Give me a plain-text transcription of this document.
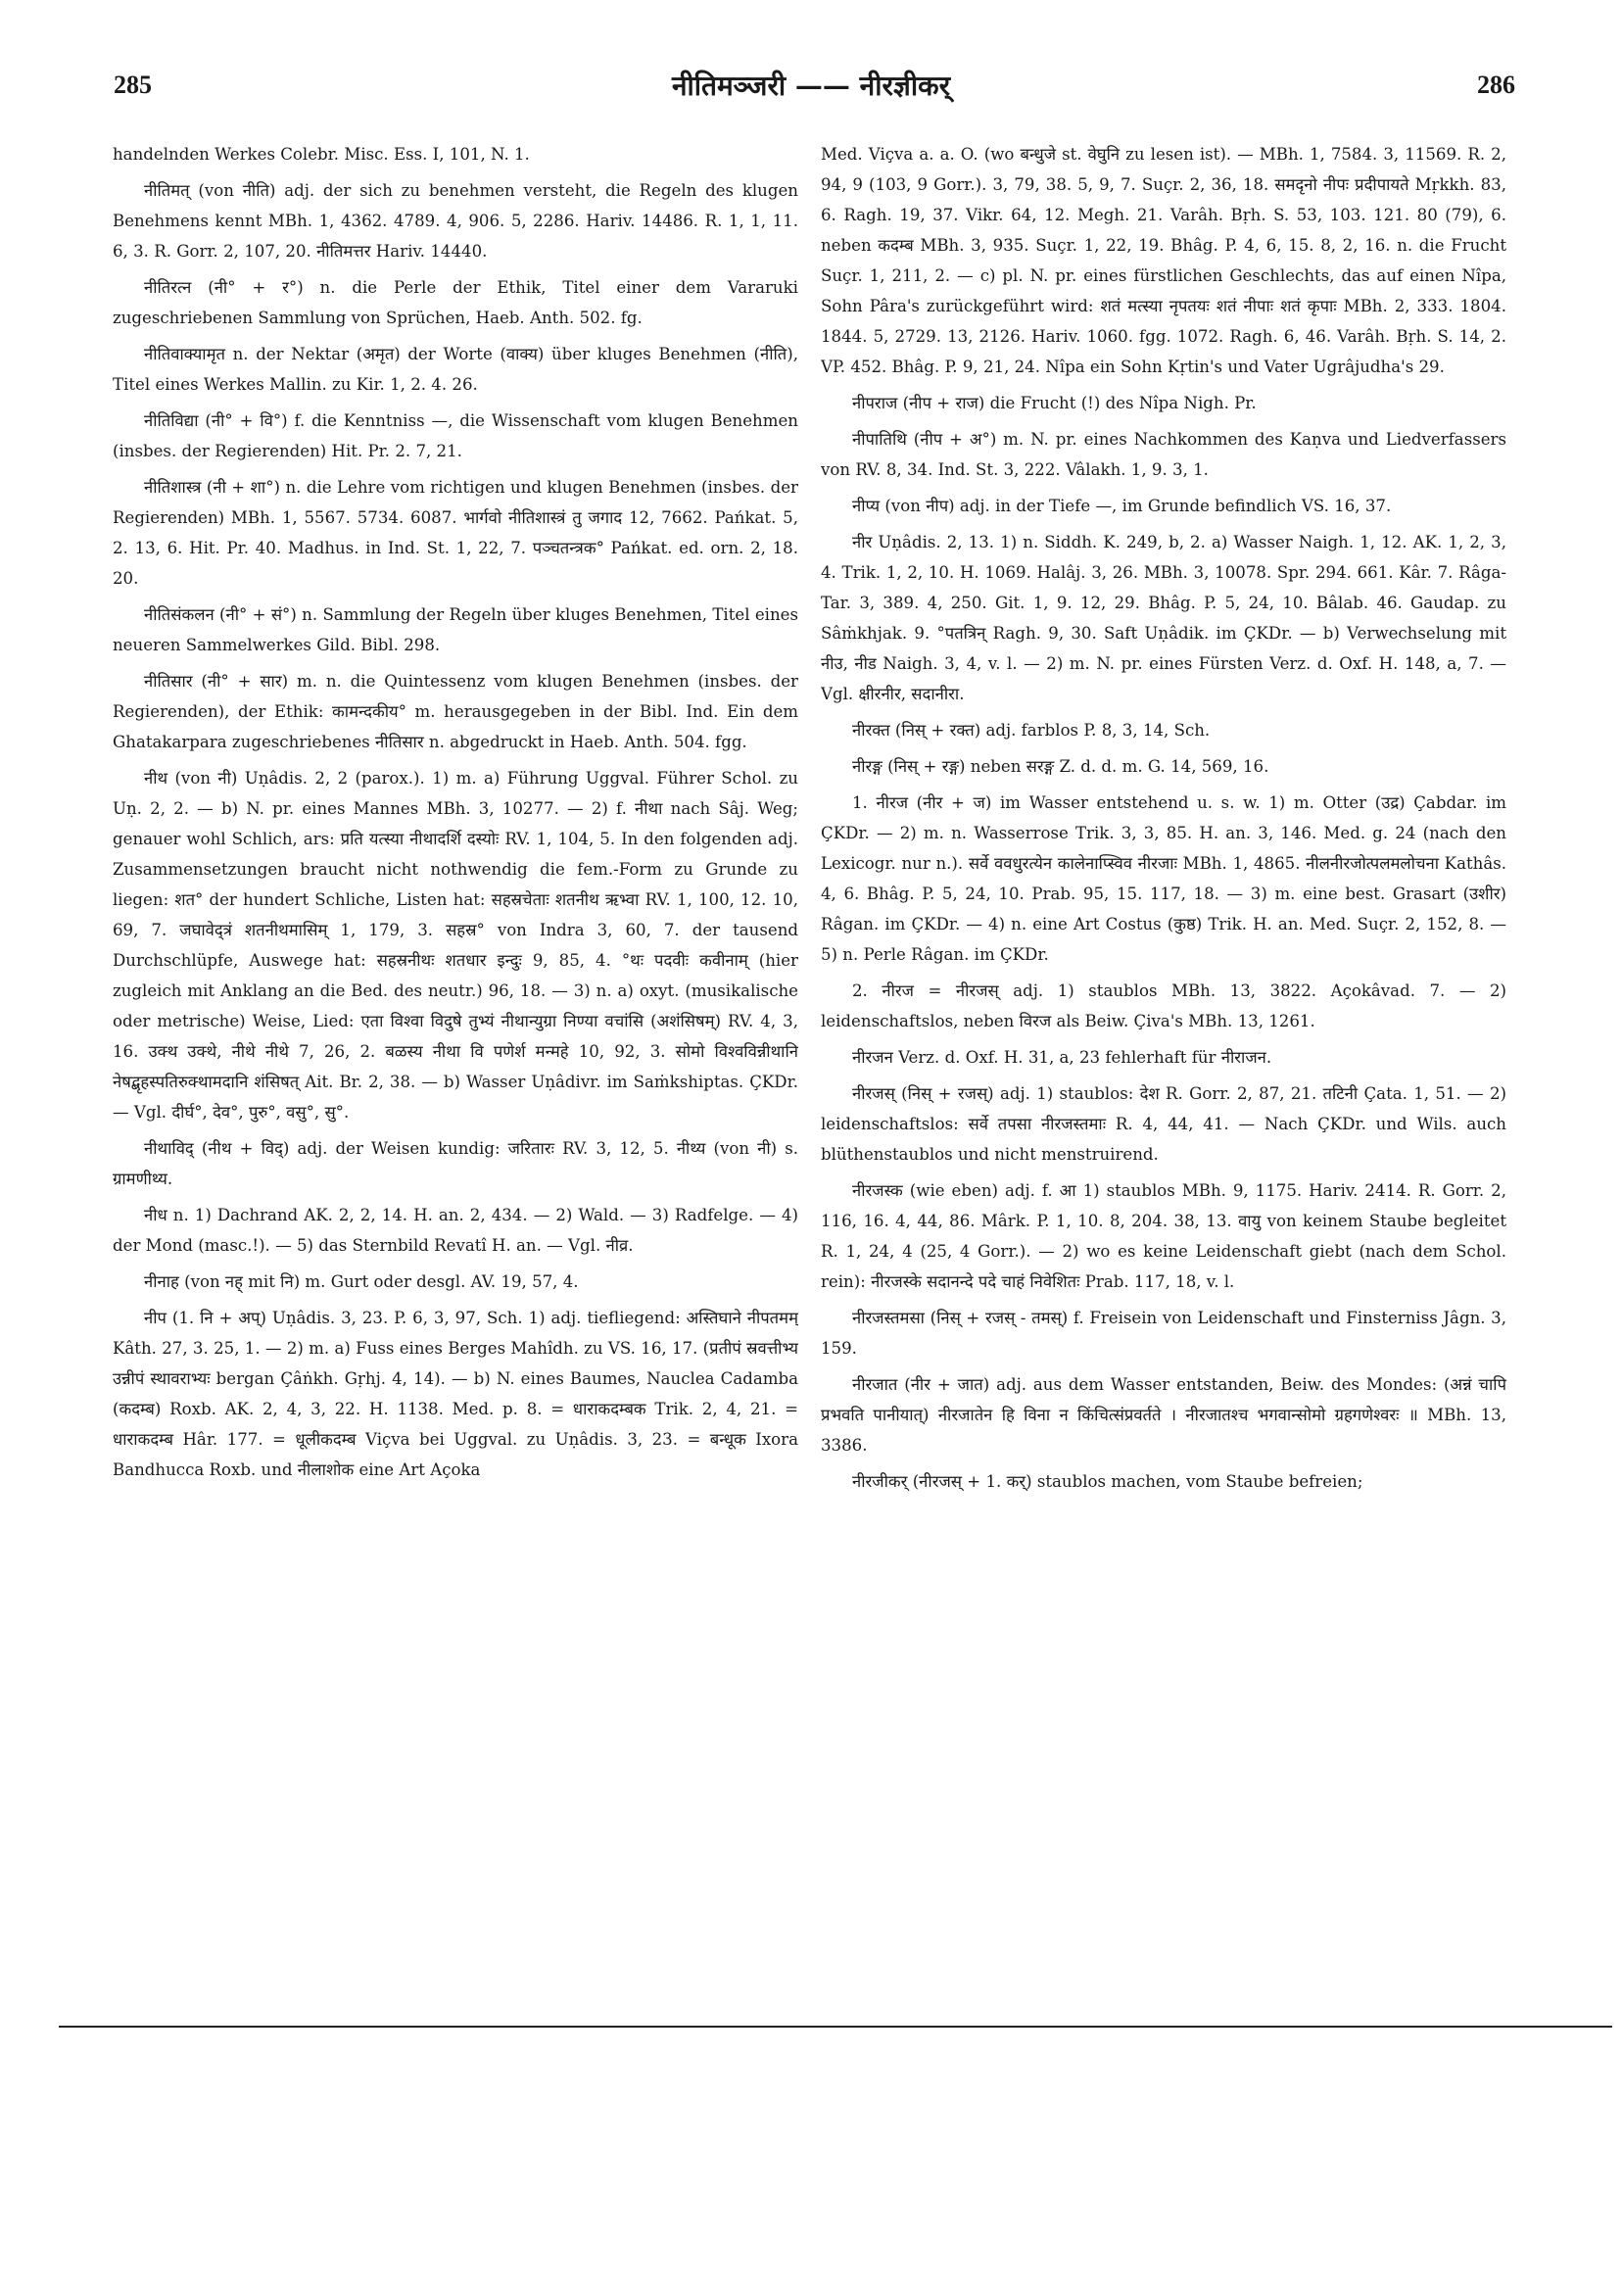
285	नीतिमञ्जरी —— नीरज्ञीकर्	286

handelnden Werkes Colebr. Misc. Ess. I, 101, N. 1.

नीतिमत् (von नीति) adj. der sich zu benehmen versteht, die Regeln des klugen Benehmens kennt MBh. 1, 4362. 4789. 4, 906. 5, 2286. Hariv. 14486. R. 1, 1, 11. 6, 3. R. Gorr. 2, 107, 20. नीतिमत्तर Hariv. 14440.

नीतिरत्न (नी° + र°) n. die Perle der Ethik, Titel einer dem Vararuki zugeschriebenen Sammlung von Sprüchen, Haeb. Anth. 502. fg.

नीतिवाक्यामृत n. der Nektar (अमृत) der Worte (वाक्य) über kluges Benehmen (नीति), Titel eines Werkes Mallin. zu Kir. 1, 2. 4. 26.

नीतिविद्या (नी° + वि°) f. die Kenntniss —, die Wissenschaft vom klugen Benehmen (insbes. der Regierenden) Hit. Pr. 2. 7, 21.

नीतिशास्त्र (नी + शा°) n. die Lehre vom richtigen und klugen Benehmen (insbes. der Regierenden) MBh. 1, 5567. 5734. 6087. भार्गवो नीतिशास्त्रं तु जगाद 12, 7662. Pańkat. 5, 2. 13, 6. Hit. Pr. 40. Madhus. in Ind. St. 1, 22, 7. पञ्चतन्त्रक° Pańkat. ed. orn. 2, 18. 20.

नीतिसंकलन (नी° + सं°) n. Sammlung der Regeln über kluges Benehmen, Titel eines neueren Sammelwerkes Gild. Bibl. 298.

नीतिसार (नी° + सार) m. n. die Quintessenz vom klugen Benehmen (insbes. der Regierenden), der Ethik: कामन्दकीय° m. herausgegeben in der Bibl. Ind. Ein dem Ghatakarpara zugeschriebenes नीतिसार n. abgedruckt in Haeb. Anth. 504. fgg.

नीथ (von नी) Uṇâdis. 2, 2 (parox.). 1) m. a) Führung Uggval. Führer Schol. zu Uṇ. 2, 2. — b) N. pr. eines Mannes MBh. 3, 10277. — 2) f. नीथा nach Sâj. Weg; genauer wohl Schlich, ars: प्रति यत्स्या नीथादर्शि दस्योः RV. 1, 104, 5. In den folgenden adj. Zusammensetzungen braucht nicht nothwendig die fem.-Form zu Grunde zu liegen: शत° der hundert Schliche, Listen hat: सहस्रचेताः शतनीथ ऋभ्वा RV. 1, 100, 12. 10, 69, 7. जघावेद्त्रं शतनीथमासिम् 1, 179, 3. सहस्र° von Indra 3, 60, 7. der tausend Durchschlüpfe, Auswege hat: सहस्रनीथः शतधार इन्दुः 9, 85, 4. °थः पदवीः कवीनाम् (hier zugleich mit Anklang an die Bed. des neutr.) 96, 18. — 3) n. a) oxyt. (musikalische oder metrische) Weise, Lied: एता विश्वा विदुषे तुभ्यं नीथान्युग्रा निण्या वचांसि (अशंसिषम्) RV. 4, 3, 16. उक्थ उक्थे, नीथे नीथे 7, 26, 2. बळस्य नीथा वि पणेर्श मन्महे 10, 92, 3. सोमो विश्वविन्नीथानि नेषद्बृहस्पतिरुक्थामदानि शंसिषत् Ait. Br. 2, 38. — b) Wasser Uṇâdivr. im Saṁkshiptas. ÇKDr. — Vgl. दीर्घ°, देव°, पुरु°, वसु°, सु°.

नीथाविद् (नीथ + विद्) adj. der Weisen kundig: जरितारः RV. 3, 12, 5. नीथ्य (von नी) s. ग्रामणीथ्य.

नीध n. 1) Dachrand AK. 2, 2, 14. H. an. 2, 434. — 2) Wald. — 3) Radfelge. — 4) der Mond (masc.!). — 5) das Sternbild Revatî H. an. — Vgl. नीव्र.

नीनाह (von नह् mit नि) m. Gurt oder desgl. AV. 19, 57, 4.

नीप (1. नि + अप्) Uṇâdis. 3, 23. P. 6, 3, 97, Sch. 1) adj. tiefliegend: अस्तिघाने नीपतमम् Kâth. 27, 3. 25, 1. — 2) m. a) Fuss eines Berges Mahîdh. zu VS. 16, 17. (प्रतीपं स्रवत्तीभ्य उन्नीपं स्थावराभ्यः bergan Çâṅkh. Gṛhj. 4, 14). — b) N. eines Baumes, Nauclea Cadamba (कदम्ब) Roxb. AK. 2, 4, 3, 22. H. 1138. Med. p. 8. = धाराकदम्बक Trik. 2, 4, 21. = धाराकदम्ब Hâr. 177. = धूलीकदम्ब Viçva bei Uggval. zu Uṇâdis. 3, 23. = बन्धूक Ixora Bandhucca Roxb. und नीलाशोक eine Art Açoka

Med. Viçva a. a. O. (wo बन्धुजे st. वेघुनि zu lesen ist). — MBh. 1, 7584. 3, 11569. R. 2, 94, 9 (103, 9 Gorr.). 3, 79, 38. 5, 9, 7. Suçr. 2, 36, 18. समदृनो नीपः प्रदीपायते Mṛkkh. 83, 6. Ragh. 19, 37. Vikr. 64, 12. Megh. 21. Varâh. Bṛh. S. 53, 103. 121. 80 (79), 6. neben कदम्ब MBh. 3, 935. Suçr. 1, 22, 19. Bhâg. P. 4, 6, 15. 8, 2, 16. n. die Frucht Suçr. 1, 211, 2. — c) pl. N. pr. eines fürstlichen Geschlechts, das auf einen Nîpa, Sohn Pâra's zurückgeführt wird: शतं मत्स्या नृपतयः शतं नीपाः शतं कृपाः MBh. 2, 333. 1804. 1844. 5, 2729. 13, 2126. Hariv. 1060. fgg. 1072. Ragh. 6, 46. Varâh. Bṛh. S. 14, 2. VP. 452. Bhâg. P. 9, 21, 24. Nîpa ein Sohn Kṛtin's und Vater Ugrâjudha's 29.

नीपराज (नीप + राज) die Frucht (!) des Nîpa Nigh. Pr.

नीपातिथि (नीप + अ°) m. N. pr. eines Nachkommen des Kaṇva und Liedverfassers von RV. 8, 34. Ind. St. 3, 222. Vâlakh. 1, 9. 3, 1.

नीप्य (von नीप) adj. in der Tiefe —, im Grunde befindlich VS. 16, 37.

नीर Uṇâdis. 2, 13. 1) n. Siddh. K. 249, b, 2. a) Wasser Naigh. 1, 12. AK. 1, 2, 3, 4. Trik. 1, 2, 10. H. 1069. Halâj. 3, 26. MBh. 3, 10078. Spr. 294. 661. Kâr. 7. Râga-Tar. 3, 389. 4, 250. Git. 1, 9. 12, 29. Bhâg. P. 5, 24, 10. Bâlab. 46. Gaudap. zu Sâṁkhjak. 9. °पतत्रिन् Ragh. 9, 30. Saft Uṇâdik. im ÇKDr. — b) Verwechselung mit नीउ, नीड Naigh. 3, 4, v. l. — 2) m. N. pr. eines Fürsten Verz. d. Oxf. H. 148, a, 7. — Vgl. क्षीरनीर, सदानीरा.

नीरक्त (निस् + रक्त) adj. farblos P. 8, 3, 14, Sch.

नीरङ्ग (निस् + रङ्ग) neben सरङ्ग Z. d. d. m. G. 14, 569, 16.

1. नीरज (नीर + ज) im Wasser entstehend u. s. w. 1) m. Otter (उद्र) Çabdar. im ÇKDr. — 2) m. n. Wasserrose Trik. 3, 3, 85. H. an. 3, 146. Med. g. 24 (nach den Lexicogr. nur n.). सर्वे ववधुरत्येन कालेनाप्स्विव नीरजाः MBh. 1, 4865. नीलनीरजोत्पलमलोचना Kathâs. 4, 6. Bhâg. P. 5, 24, 10. Prab. 95, 15. 117, 18. — 3) m. eine best. Grasart (उशीर) Râgan. im ÇKDr. — 4) n. eine Art Costus (कुष्ठ) Trik. H. an. Med. Suçr. 2, 152, 8. — 5) n. Perle Râgan. im ÇKDr.

2. नीरज = नीरजस् adj. 1) staublos MBh. 13, 3822. Açokâvad. 7. — 2) leidenschaftslos, neben विरज als Beiw. Çiva's MBh. 13, 1261.

नीरजन Verz. d. Oxf. H. 31, a, 23 fehlerhaft für नीराजन.

नीरजस् (निस् + रजस्) adj. 1) staublos: देश R. Gorr. 2, 87, 21. तटिनी Çata. 1, 51. — 2) leidenschaftslos: सर्वे तपसा नीरजस्तमाः R. 4, 44, 41. — Nach ÇKDr. und Wils. auch blüthenstaublos und nicht menstruirend.

नीरजस्क (wie eben) adj. f. आ 1) staublos MBh. 9, 1175. Hariv. 2414. R. Gorr. 2, 116, 16. 4, 44, 86. Mârk. P. 1, 10. 8, 204. 38, 13. वायु von keinem Staube begleitet R. 1, 24, 4 (25, 4 Gorr.). — 2) wo es keine Leidenschaft giebt (nach dem Schol. rein): नीरजस्के सदानन्दे पदे चाहं निवेशितः Prab. 117, 18, v. l.

नीरजस्तमसा (निस् + रजस् - तमस्) f. Freisein von Leidenschaft und Finsterniss Jâgn. 3, 159.

नीरजात (नीर + जात) adj. aus dem Wasser entstanden, Beiw. des Mondes: (अन्नं चापि प्रभवति पानीयात्) नीरजातेन हि विना न किंचित्संप्रवर्तते । नीरजातश्च भगवान्सोमो ग्रहगणेश्वरः ॥ MBh. 13, 3386.

नीरजीकर् (नीरजस् + 1. कर्) staublos machen, vom Staube befreien;
